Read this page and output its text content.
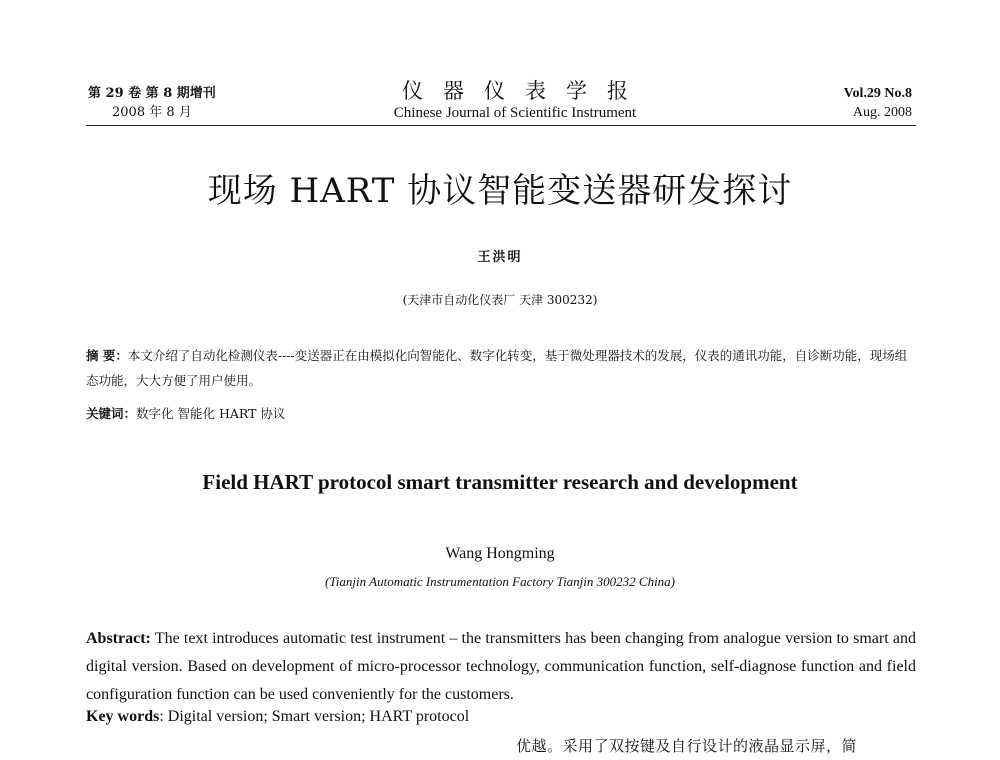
第 29 卷 第 8 期增刊
2008 年 8 月
仪器仪表学报
Chinese Journal of Scientific Instrument
Vol.29 No.8
Aug. 2008
现场 HART 协议智能变送器研发探讨
王洪明
(天津市自动化仪表厂 天津 300232)
摘 要：本文介绍了自动化检测仪表----变送器正在由模拟化向智能化、数字化转变，基于微处理器技术的发展，仪表的通讯功能，自诊断功能，现场组态功能，大大方便了用户使用。
关键词：数字化 智能化 HART 协议
Field HART protocol smart transmitter research and development
Wang Hongming
(Tianjin Automatic Instrumentation Factory Tianjin 300232 China)
Abstract: The text introduces automatic test instrument – the transmitters has been changing from analogue version to smart and digital version. Based on development of micro-processor technology, communication function, self-diagnose function and field configuration function can be used conveniently for the customers.
Key words: Digital version; Smart version; HART protocol
优越。采用了双按键及自行设计的液晶显示屏，简
